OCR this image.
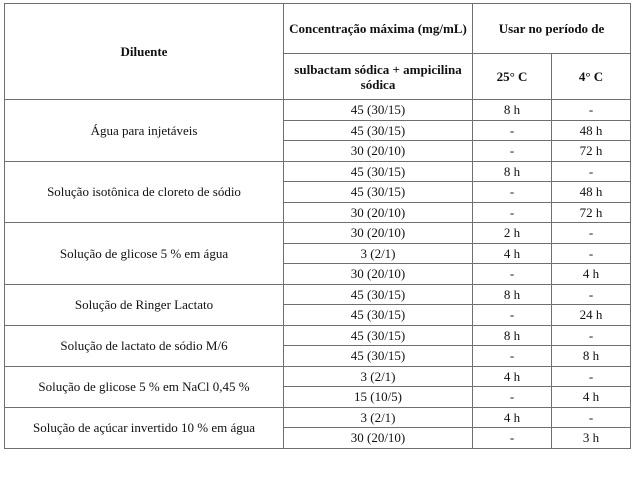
Diluente	Concentração máxima (mg/mL)	Usar no período de	
	sulbactam sódica + ampicilina sódica	25° C	4° C
Água para injetáveis	45 (30/15)	8 h	-
	45 (30/15)	-	48 h
	30 (20/10)	-	72 h
Solução isotônica de cloreto de sódio	45 (30/15)	8 h	-
	45 (30/15)	-	48 h
	30 (20/10)	-	72 h
Solução de glicose 5 % em água	30 (20/10)	2 h	-
	3 (2/1)	4 h	-
	30 (20/10)	-	4 h
Solução de Ringer Lactato	45 (30/15)	8 h	-
	45 (30/15)	-	24 h
Solução de lactato de sódio M/6	45 (30/15)	8 h	-
	45 (30/15)	-	8 h
Solução de glicose 5 % em NaCl 0,45 %	3 (2/1)	4 h	-
	15 (10/5)	-	4 h
Solução de açúcar invertido 10 % em água	3 (2/1)	4 h	-
	30 (20/10)	-	3 h
